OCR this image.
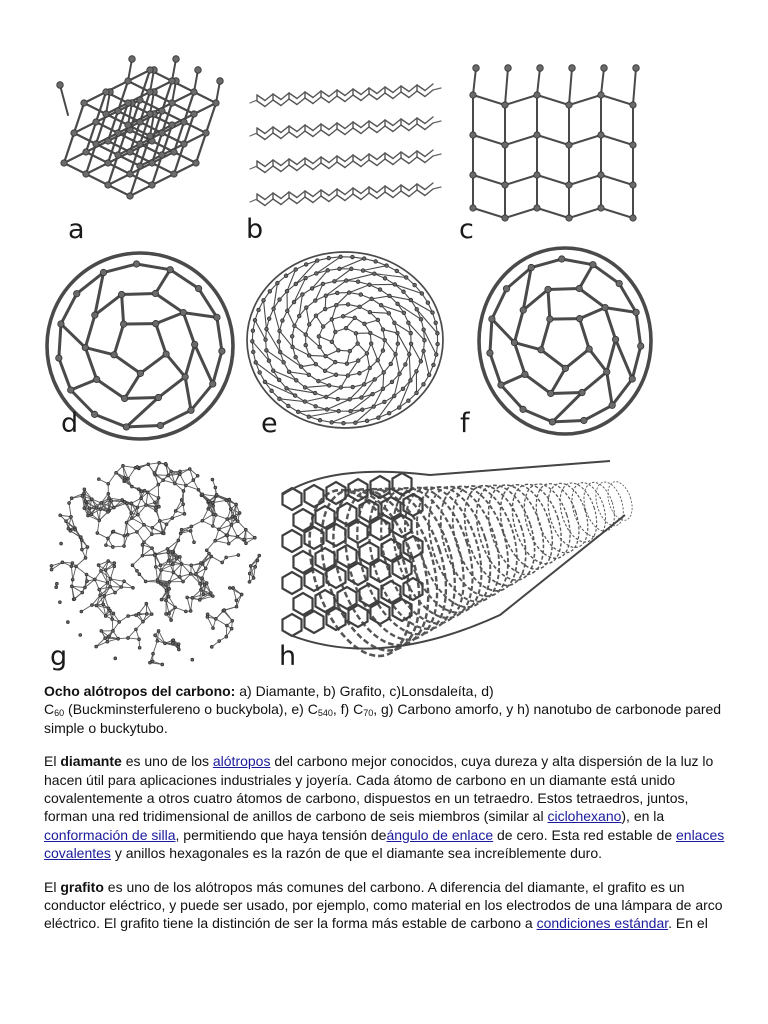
a	b	c
d	e	f
g	h

Ocho alótropos del carbono: a) Diamante, b) Grafito, c)Lonsdaleíta, d)
$C_{60}$ (Buckminsterfulereno o buckybola), e) $C_{540}$, f) $C_{70}$, g) Carbono amorfo, y h) nanotubo de carbonode pared simple o buckytubo.

El diamante es uno de los alótropos del carbono mejor conocidos, cuya dureza y alta dispersión de la luz lo hacen útil para aplicaciones industriales y joyería. Cada átomo de carbono en un diamante está unido covalentemente a otros cuatro átomos de carbono, dispuestos en un tetraedro. Estos tetraedros, juntos, forman una red tridimensional de anillos de carbono de seis miembros (similar al ciclohexano), en la conformación de silla, permitiendo que haya tensión deángulo de enlace de cero. Esta red estable de enlaces covalentes y anillos hexagonales es la razón de que el diamante sea increíblemente duro.

El grafito es uno de los alótropos más comunes del carbono. A diferencia del diamante, el grafito es un conductor eléctrico, y puede ser usado, por ejemplo, como material en los electrodos de una lámpara de arco eléctrico. El grafito tiene la distinción de ser la forma más estable de carbono a condiciones estándar. En el
